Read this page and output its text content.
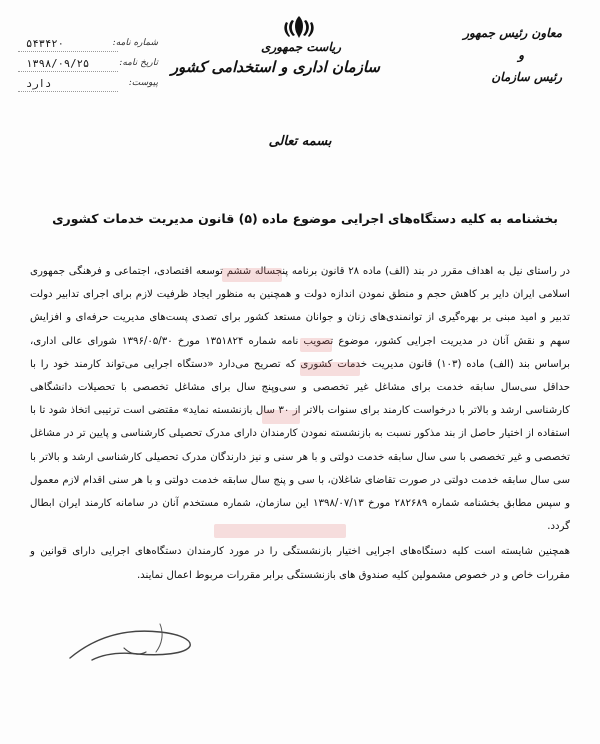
معاون رئیس جمهور
و
رئیس سازمان
ریاست جمهوری
سازمان اداری و استخدامی کشور
۵۴۳۴۲۰	شماره نامه:
۱۳۹۸/۰۹/۲۵	تاریخ نامه:
دارد	پیوست:
بسمه تعالی
بخشنامه به کلیه دستگاه‌های اجرایی موضوع ماده (۵) قانون مدیریت خدمات کشوری

در راستای نیل به اهداف مقرر در بند (الف) ماده ۲۸ قانون برنامه پنجساله ششم توسعه اقتصادی، اجتماعی و فرهنگی جمهوری اسلامی ایران دایر بر کاهش حجم و منطق نمودن اندازه دولت و همچنین به منظور ایجاد ظرفیت لازم برای اجرای تدابیر دولت تدبیر و امید مبنی بر بهره‌گیری از توانمندی‌های زنان و جوانان مستعد کشور برای تصدی پست‌های مدیریت حرفه‌ای و افزایش سهم و نقش آنان در مدیریت اجرایی کشور، موضوع تصویب نامه شماره ۱۳۵۱۸۲۴ مورخ ۱۳۹۶/۰۵/۳۰ شورای عالی اداری، براساس بند (الف) ماده (۱۰۳) قانون مدیریت خدمات کشوری که تصریح می‌دارد «دستگاه اجرایی می‌تواند کارمند خود را با حداقل سی‌سال سابقه خدمت برای مشاغل غیر تخصصی و سی‌وپنج سال برای مشاغل تخصصی با تحصیلات دانشگاهی کارشناسی ارشد و بالاتر با درخواست کارمند برای سنوات بالاتر از ۳۰ سال بازنشسته نماید» مقتضی است ترتیبی اتخاذ شود تا با استفاده از اختیار حاصل از بند مذکور نسبت به بازنشسته نمودن کارمندان دارای مدرک تحصیلی کارشناسی و پایین تر در مشاغل تخصصی و غیر تخصصی با سی سال سابقه خدمت دولتی و با هر سنی و نیز دارندگان مدرک تحصیلی کارشناسی ارشد و بالاتر با سی سال سابقه خدمت دولتی در صورت تقاضای شاغلان، با سی و پنج سال سابقه خدمت دولتی و با هر سنی اقدام لازم معمول و سپس مطابق بخشنامه شماره ۲۸۲۶۸۹ مورخ ۱۳۹۸/۰۷/۱۳ این سازمان، شماره مستخدم آنان در سامانه کارمند ایران ابطال گردد.

همچنین شایسته است کلیه دستگاه‌های اجرایی اختیار بازنشستگی را در مورد کارمندان دستگاه‌های اجرایی دارای قوانین و مقررات خاص و در خصوص مشمولین کلیه صندوق های بازنشستگی برابر مقررات مربوط اعمال نمایند.
